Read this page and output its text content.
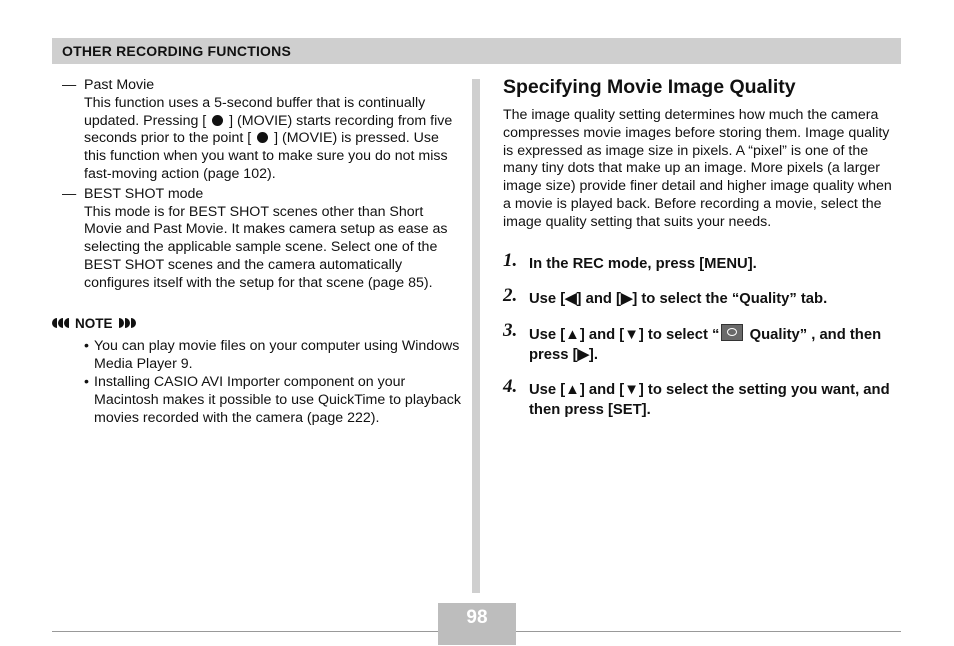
OTHER RECORDING FUNCTIONS
— Past Movie
This function uses a 5-second buffer that is continually updated. Pressing [ ] (MOVIE) starts recording from five seconds prior to the point [ ] (MOVIE) is pressed. Use this function when you want to make sure you do not miss fast-moving action (page 102).
— BEST SHOT mode
This mode is for BEST SHOT scenes other than Short Movie and Past Movie. It makes camera setup as ease as selecting the applicable sample scene. Select one of the BEST SHOT scenes and the camera automatically configures itself with the setup for that scene (page 85).
NOTE
• You can play movie files on your computer using Windows Media Player 9.
• Installing CASIO AVI Importer component on your Macintosh makes it possible to use QuickTime to playback movies recorded with the camera (page 222).
Specifying Movie Image Quality
The image quality setting determines how much the camera compresses movie images before storing them. Image quality is expressed as image size in pixels. A “pixel” is one of the many tiny dots that make up an image. More pixels (a larger image size) provide finer detail and higher image quality when a movie is played back. Before recording a movie, select the image quality setting that suits your needs.
1. In the REC mode, press [MENU].
2. Use [◀] and [▶] to select the “Quality” tab.
3. Use [▲] and [▼] to select “ Quality” , and then press [▶].
4. Use [▲] and [▼] to select the setting you want, and then press [SET].
98
